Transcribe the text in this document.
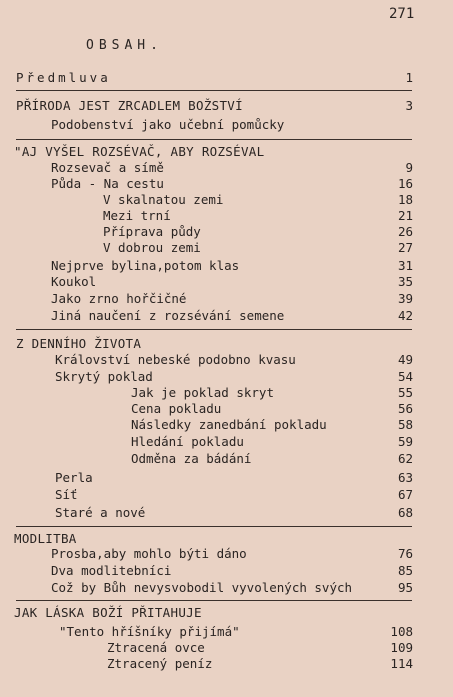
271
OBSAH.
Předmluva	1
PŘÍRODA JEST ZRCADLEM BOŽSTVÍ	3
Podobenství jako učební pomůcky
"AJ VYŠEL ROZSÉVAČ, ABY ROZSÉVAL
Rozsevač a símě	9
Půda - Na cestu	16
V skalnatou zemi	18
Mezi trní	21
Příprava půdy	26
V dobrou zemi	27
Nejprve bylina,potom klas	31
Koukol	35
Jako zrno hořčičné	39
Jiná naučení z rozsévání semene	42
Z DENNÍHO ŽIVOTA
Království nebeské podobno kvasu	49
Skrytý poklad	54
Jak je poklad skryt	55
Cena pokladu	56
Následky zanedbání pokladu	58
Hledání pokladu	59
Odměna za bádání	62
Perla	63
Síť	67
Staré a nové	68
MODLITBA
Prosba,aby mohlo býti dáno	76
Dva modlitebníci	85
Což by Bůh nevysvobodil vyvolených svých	95
JAK LÁSKA BOŽÍ PŘITAHUJE
"Tento hříšníky přijímá"	108
Ztracená ovce	109
Ztracený peníz	114
